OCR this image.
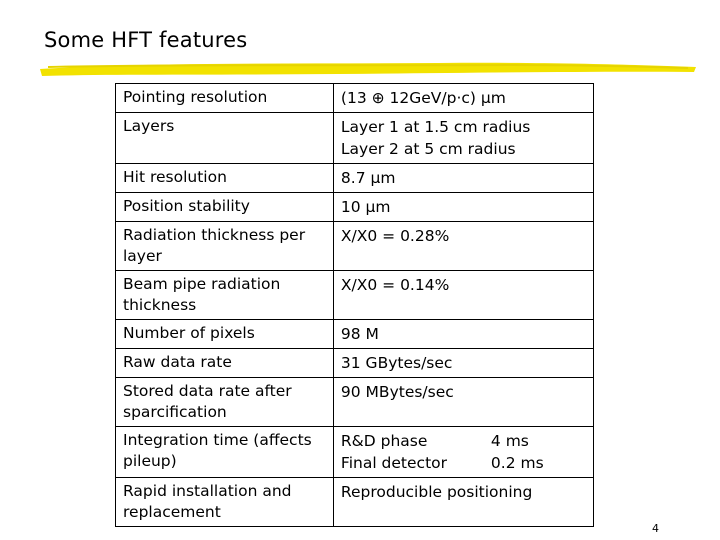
Some HFT features
Pointing resolution	(13 ⊕ 12GeV/p·c) µm
Layers	Layer 1 at 1.5 cm radius
Layer 2 at 5 cm radius

Hit resolution	8.7 µm
Position stability	10 µm
Radiation thickness per layer	X/X0 = 0.28%
Beam pipe radiation thickness	X/X0 = 0.14%
Number of pixels	98 M
Raw data rate	31 GBytes/sec
Stored data rate after sparcification	90 MBytes/sec
Integration time (affects pileup)	R&D phase 4 ms
Final detector 0.2 ms

Rapid installation and replacement	Reproducible positioning
4
